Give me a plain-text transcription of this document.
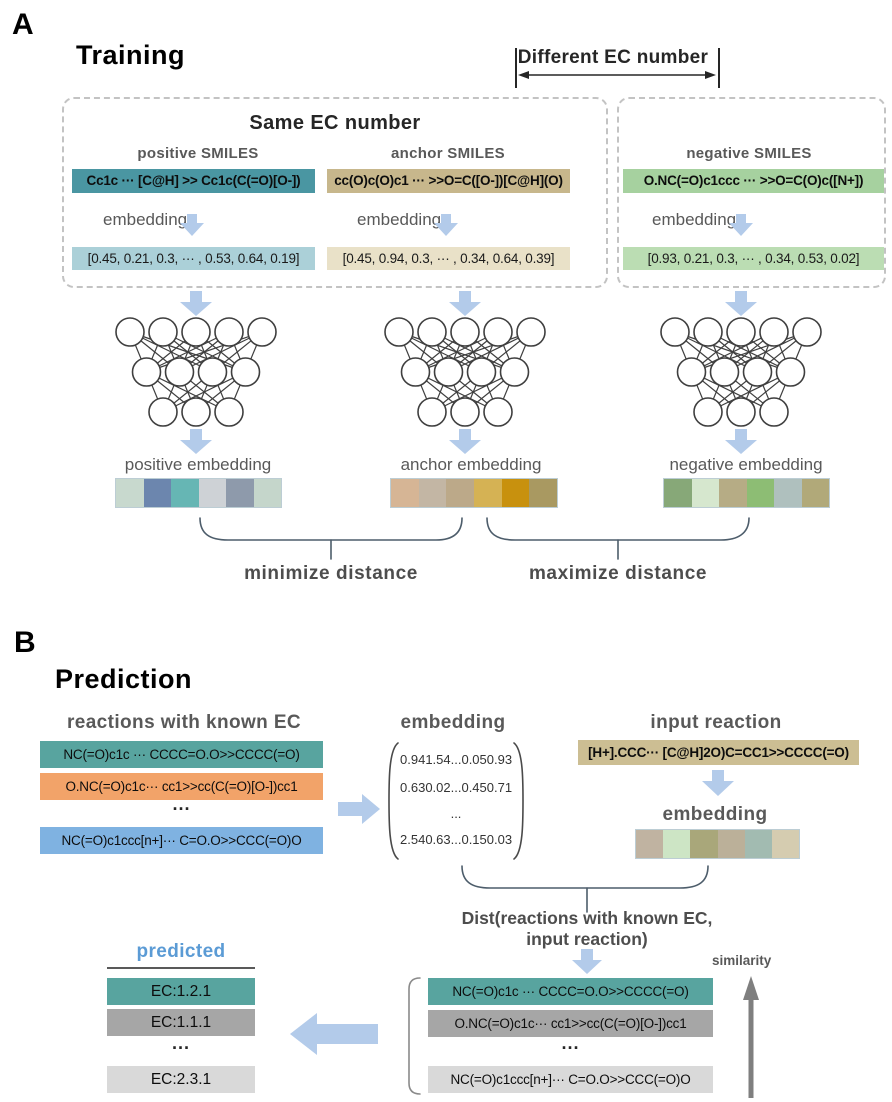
A
Training	Different EC number
Same EC number
positive SMILES	anchor SMILES	negative SMILES
Cc1c ··· [C@H] >> Cc1c(C(=O)[O-])	cc(O)c(O)c1 ··· >>O=C([O-])[C@H](O)	O.NC(=O)c1ccc ··· >>O=C(O)c([N+])
embedding	embedding	embedding
[0.45, 0.21, 0.3, ··· , 0.53, 0.64, 0.19]	[0.45, 0.94, 0.3, ··· , 0.34, 0.64, 0.39]	[0.93, 0.21, 0.3, ··· , 0.34, 0.53, 0.02]
positive embedding	anchor embedding	negative embedding
minimize distance	maximize distance
B
Prediction
reactions with known EC
NC(=O)c1c ··· CCCC=O.O>>CCCC(=O)
O.NC(=O)c1c··· cc1>>cc(C(=O)[O-])cc1
···
NC(=O)c1ccc[n+]··· C=O.O>>CCC(=O)O
embedding
0.94 1.54 ... 0.05 0.93
0.63 0.02 ... 0.45 0.71
...
2.54 0.63 ... 0.15 0.03
input reaction
[H+].CCC··· [C@H]2O)C=CC1>>CCCC(=O)
embedding
Dist(reactions with known EC,
input reaction)
similarity
predicted
EC:1.2.1
EC:1.1.1
···
EC:2.3.1
NC(=O)c1c ··· CCCC=O.O>>CCCC(=O)
O.NC(=O)c1c··· cc1>>cc(C(=O)[O-])cc1
···
NC(=O)c1ccc[n+]··· C=O.O>>CCC(=O)O
